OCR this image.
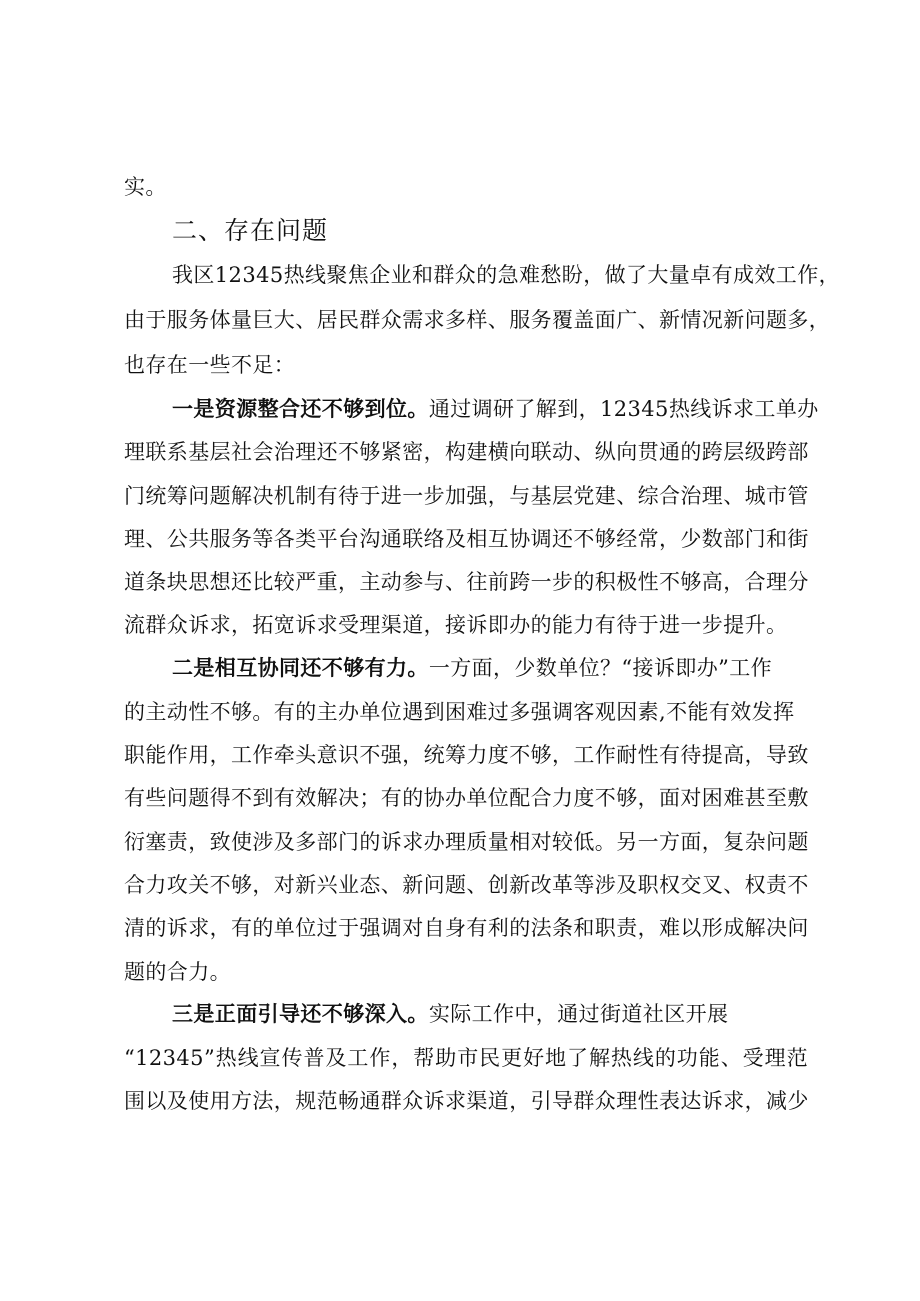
实。
二、存在问题
我区12345热线聚焦企业和群众的急难愁盼，做了大量卓有成效工作，
由于服务体量巨大、居民群众需求多样、服务覆盖面广、新情况新问题多，
也存在一些不足：
一是资源整合还不够到位。通过调研了解到，12345热线诉求工单办
理联系基层社会治理还不够紧密，构建横向联动、纵向贯通的跨层级跨部
门统筹问题解决机制有待于进一步加强，与基层党建、综合治理、城市管
理、公共服务等各类平台沟通联络及相互协调还不够经常，少数部门和街
道条块思想还比较严重，主动参与、往前跨一步的积极性不够高，合理分
流群众诉求，拓宽诉求受理渠道，接诉即办的能力有待于进一步提升。
二是相互协同还不够有力。一方面，少数单位？“接诉即办”工作
的主动性不够。有的主办单位遇到困难过多强调客观因素,不能有效发挥
职能作用，工作牵头意识不强，统筹力度不够，工作耐性有待提高，导致
有些问题得不到有效解决；有的协办单位配合力度不够，面对困难甚至敷
衍塞责，致使涉及多部门的诉求办理质量相对较低。另一方面，复杂问题
合力攻关不够，对新兴业态、新问题、创新改革等涉及职权交叉、权责不
清的诉求，有的单位过于强调对自身有利的法条和职责，难以形成解决问
题的合力。
三是正面引导还不够深入。实际工作中，通过街道社区开展
“12345”热线宣传普及工作，帮助市民更好地了解热线的功能、受理范
围以及使用方法，规范畅通群众诉求渠道，引导群众理性表达诉求，减少
